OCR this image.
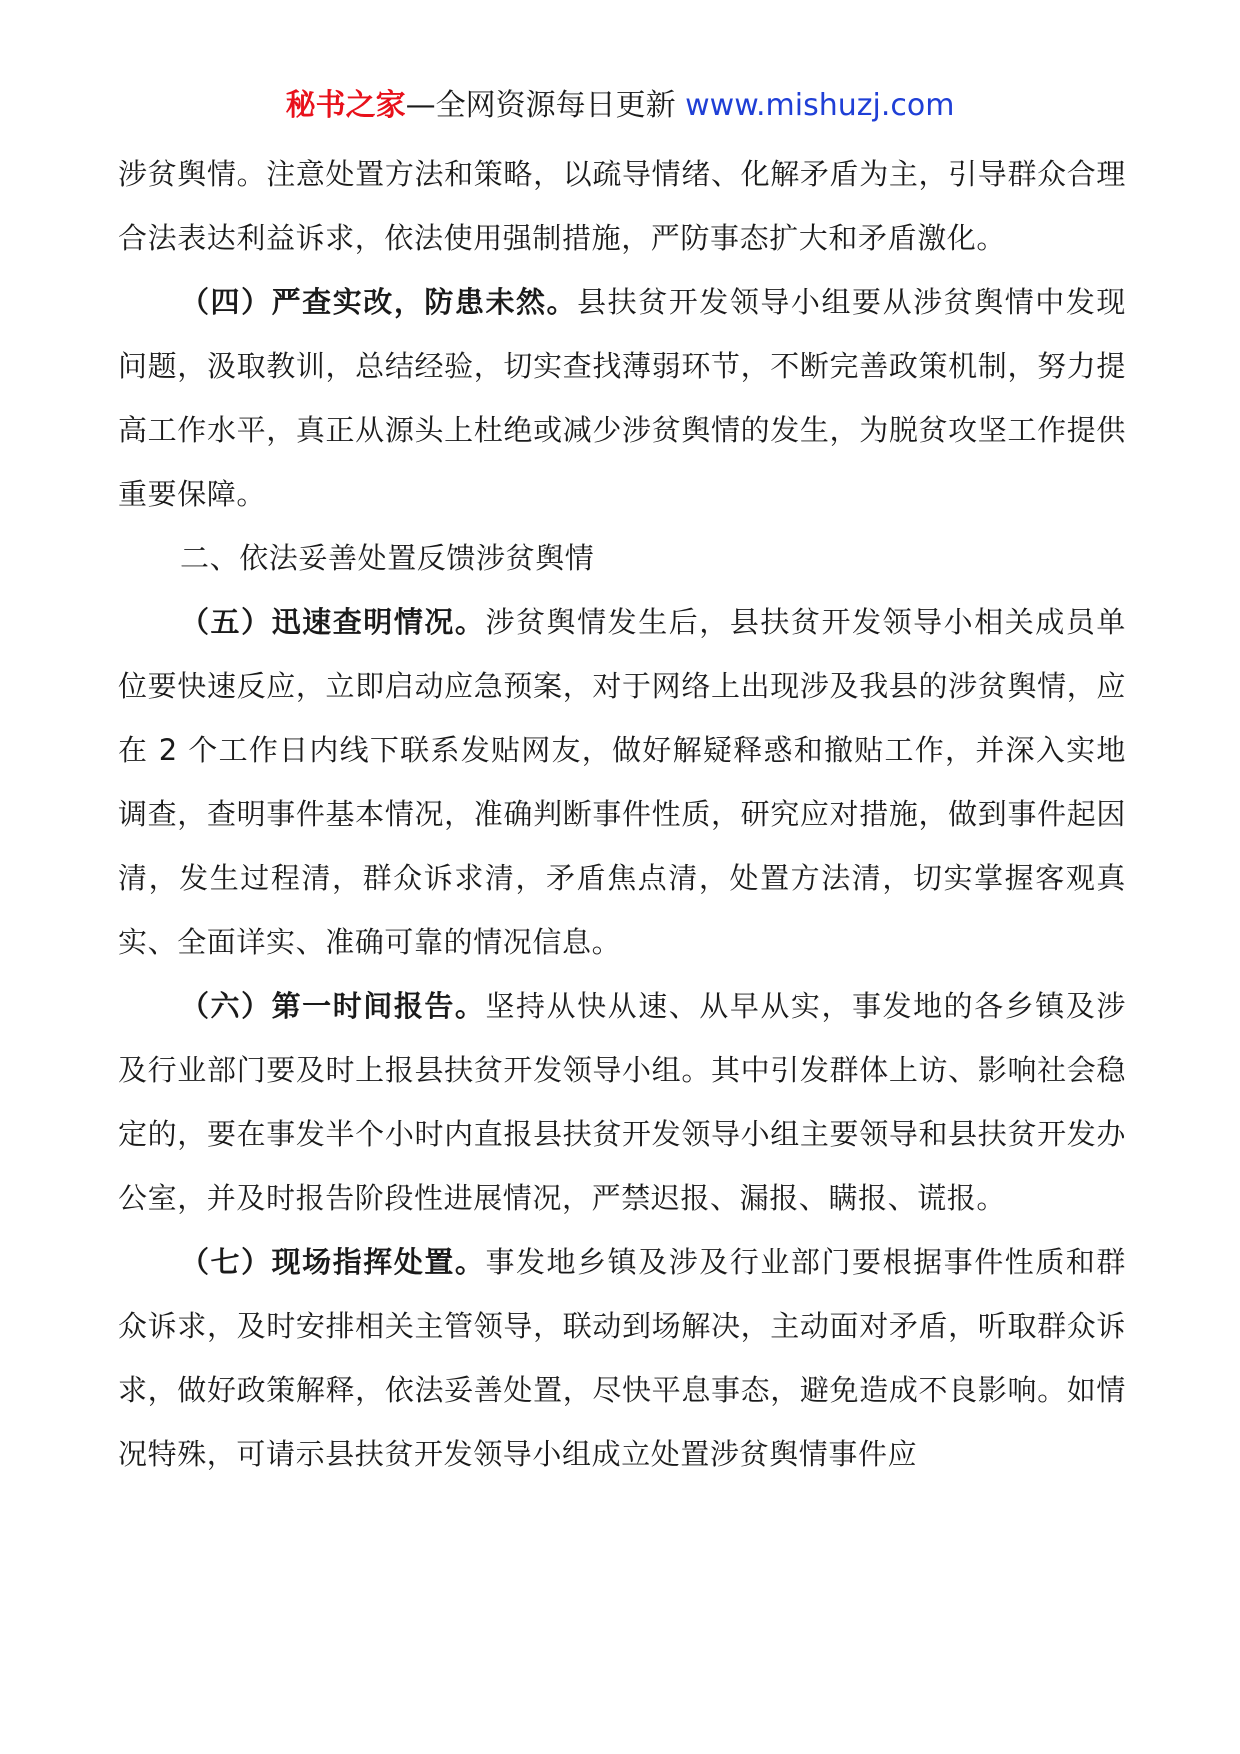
秘书之家—全网资源每日更新 www.mishuzj.com

涉贫舆情。注意处置方法和策略，以疏导情绪、化解矛盾为主，引导群众合理合法表达利益诉求，依法使用强制措施，严防事态扩大和矛盾激化。

（四）严查实改，防患未然。县扶贫开发领导小组要从涉贫舆情中发现问题，汲取教训，总结经验，切实查找薄弱环节，不断完善政策机制，努力提高工作水平，真正从源头上杜绝或减少涉贫舆情的发生，为脱贫攻坚工作提供重要保障。

二、依法妥善处置反馈涉贫舆情

（五）迅速查明情况。涉贫舆情发生后，县扶贫开发领导小相关成员单位要快速反应，立即启动应急预案，对于网络上出现涉及我县的涉贫舆情，应在 2 个工作日内线下联系发贴网友，做好解疑释惑和撤贴工作，并深入实地调查，查明事件基本情况，准确判断事件性质，研究应对措施，做到事件起因清，发生过程清，群众诉求清，矛盾焦点清，处置方法清，切实掌握客观真实、全面详实、准确可靠的情况信息。

（六）第一时间报告。坚持从快从速、从早从实，事发地的各乡镇及涉及行业部门要及时上报县扶贫开发领导小组。其中引发群体上访、影响社会稳定的，要在事发半个小时内直报县扶贫开发领导小组主要领导和县扶贫开发办公室，并及时报告阶段性进展情况，严禁迟报、漏报、瞒报、谎报。

（七）现场指挥处置。事发地乡镇及涉及行业部门要根据事件性质和群众诉求，及时安排相关主管领导，联动到场解决，主动面对矛盾，听取群众诉求，做好政策解释，依法妥善处置，尽快平息事态，避免造成不良影响。如情况特殊，可请示县扶贫开发领导小组成立处置涉贫舆情事件应
